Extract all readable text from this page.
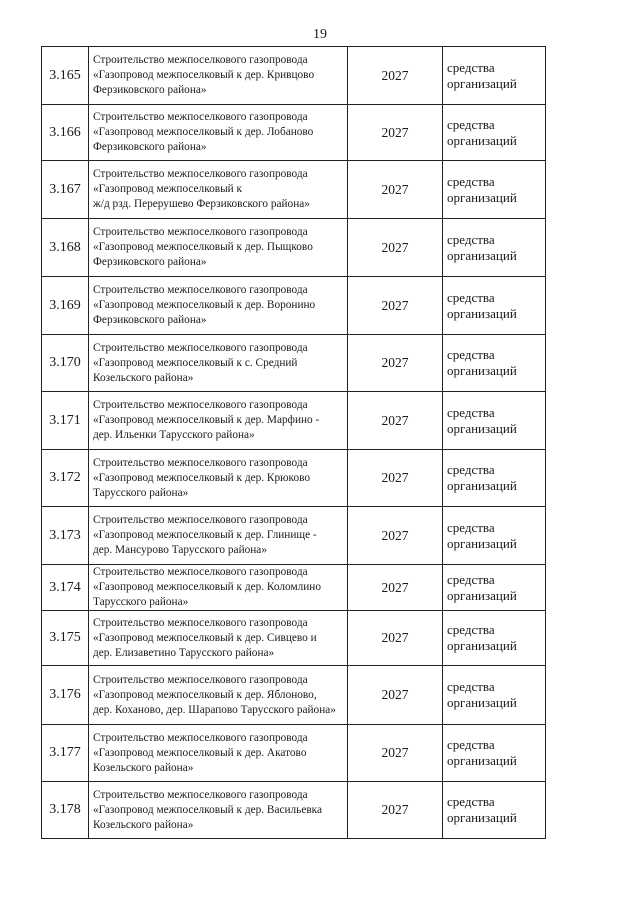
19
3.165	Строительство межпоселкового газопровода
«Газопровод межпоселковый к дер. Кривцово
Ферзиковского района»	2027	средства организаций
3.166	Строительство межпоселкового газопровода
«Газопровод межпоселковый к дер. Лобаново
Ферзиковского района»	2027	средства организаций
3.167	Строительство межпоселкового газопровода
«Газопровод межпоселковый к
ж/д рзд. Перерушево Ферзиковского района»	2027	средства организаций
3.168	Строительство межпоселкового газопровода
«Газопровод межпоселковый к дер. Пыщково
Ферзиковского района»	2027	средства организаций
3.169	Строительство межпоселкового газопровода
«Газопровод межпоселковый к дер. Воронино
Ферзиковского района»	2027	средства организаций
3.170	Строительство межпоселкового газопровода
«Газопровод межпоселковый к с. Средний
Козельского района»	2027	средства организаций
3.171	Строительство межпоселкового газопровода
«Газопровод межпоселковый к дер. Марфино -
дер. Ильенки Тарусского района»	2027	средства организаций
3.172	Строительство межпоселкового газопровода
«Газопровод межпоселковый к дер. Крюково
Тарусского района»	2027	средства организаций
3.173	Строительство межпоселкового газопровода
«Газопровод межпоселковый к дер. Глинище -
дер. Мансурово Тарусского района»	2027	средства организаций
3.174	Строительство межпоселкового газопровода
«Газопровод межпоселковый к дер. Коломлино
Тарусского района»	2027	средства организаций
3.175	Строительство межпоселкового газопровода
«Газопровод межпоселковый к дер. Сивцево и
дер. Елизаветино Тарусского района»	2027	средства организаций
3.176	Строительство межпоселкового газопровода
«Газопровод межпоселковый к дер. Яблоново,
дер. Кохановo, дер. Шарапово Тарусского района»	2027	средства организаций
3.177	Строительство межпоселкового газопровода
«Газопровод межпоселковый к дер. Акатово
Козельского района»	2027	средства организаций
3.178	Строительство межпоселкового газопровода
«Газопровод межпоселковый к дер. Васильевка
Козельского района»	2027	средства организаций
